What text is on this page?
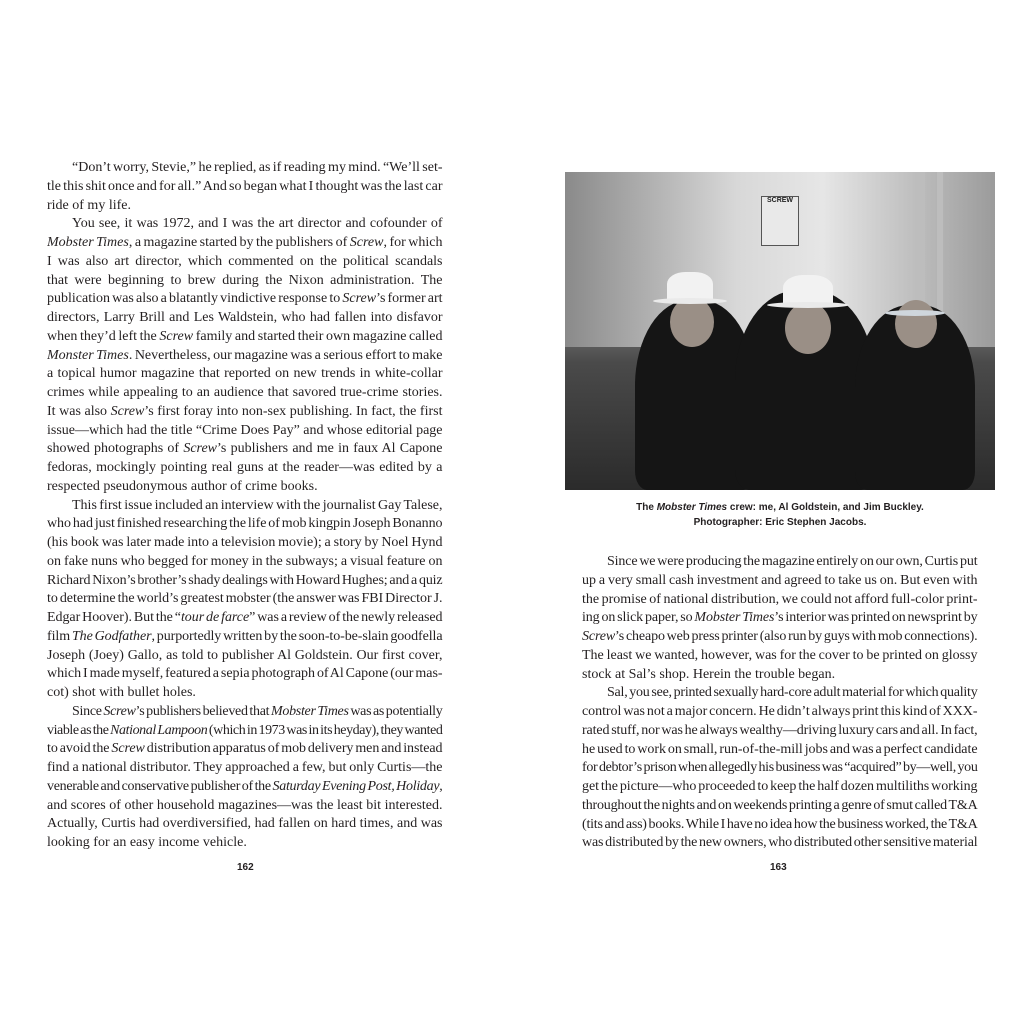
“Don’t worry, Stevie,” he replied, as if reading my mind. “We’ll set-
tle this shit once and for all.” And so began what I thought was the last car
ride of my life.
You see, it was 1972, and I was the art director and cofounder of
Mobster Times, a magazine started by the publishers of Screw, for which
I was also art director, which commented on the political scandals
that were beginning to brew during the Nixon administration. The
publication was also a blatantly vindictive response to Screw’s former art
directors, Larry Brill and Les Waldstein, who had fallen into disfavor
when they’d left the Screw family and started their own magazine called
Monster Times. Nevertheless, our magazine was a serious effort to make
a topical humor magazine that reported on new trends in white-collar
crimes while appealing to an audience that savored true-crime stories.
It was also Screw’s first foray into non-sex publishing. In fact, the first
issue—which had the title “Crime Does Pay” and whose editorial page
showed photographs of Screw’s publishers and me in faux Al Capone
fedoras, mockingly pointing real guns at the reader—was edited by a
respected pseudonymous author of crime books.
This first issue included an interview with the journalist Gay Talese,
who had just finished researching the life of mob kingpin Joseph Bonanno
(his book was later made into a television movie); a story by Noel Hynd
on fake nuns who begged for money in the subways; a visual feature on
Richard Nixon’s brother’s shady dealings with Howard Hughes; and a quiz
to determine the world’s greatest mobster (the answer was FBI Director J.
Edgar Hoover). But the “tour de farce” was a review of the newly released
film The Godfather, purportedly written by the soon-to-be-slain goodfella
Joseph (Joey) Gallo, as told to publisher Al Goldstein. Our first cover,
which I made myself, featured a sepia photograph of Al Capone (our mas-
cot) shot with bullet holes.
Since Screw’s publishers believed that Mobster Times was as potentially
viable as the National Lampoon (which in 1973 was in its heyday), they wanted
to avoid the Screw distribution apparatus of mob delivery men and instead
find a national distributor. They approached a few, but only Curtis—the
venerable and conservative publisher of the Saturday Evening Post, Holiday,
and scores of other household magazines—was the least bit interested.
Actually, Curtis had overdiversified, had fallen on hard times, and was
looking for an easy income vehicle.
162
SCREW
The Mobster Times crew: me, Al Goldstein, and Jim Buckley.
Photographer: Eric Stephen Jacobs.
Since we were producing the magazine entirely on our own, Curtis put
up a very small cash investment and agreed to take us on. But even with
the promise of national distribution, we could not afford full-color print-
ing on slick paper, so Mobster Times’s interior was printed on newsprint by
Screw’s cheapo web press printer (also run by guys with mob connections).
The least we wanted, however, was for the cover to be printed on glossy
stock at Sal’s shop. Herein the trouble began.
Sal, you see, printed sexually hard-core adult material for which quality
control was not a major concern. He didn’t always print this kind of XXX-
rated stuff, nor was he always wealthy—driving luxury cars and all. In fact,
he used to work on small, run-of-the-mill jobs and was a perfect candidate
for debtor’s prison when allegedly his business was “acquired” by—well, you
get the picture—who proceeded to keep the half dozen multiliths working
throughout the nights and on weekends printing a genre of smut called T&A
(tits and ass) books. While I have no idea how the business worked, the T&A
was distributed by the new owners, who distributed other sensitive material
163
